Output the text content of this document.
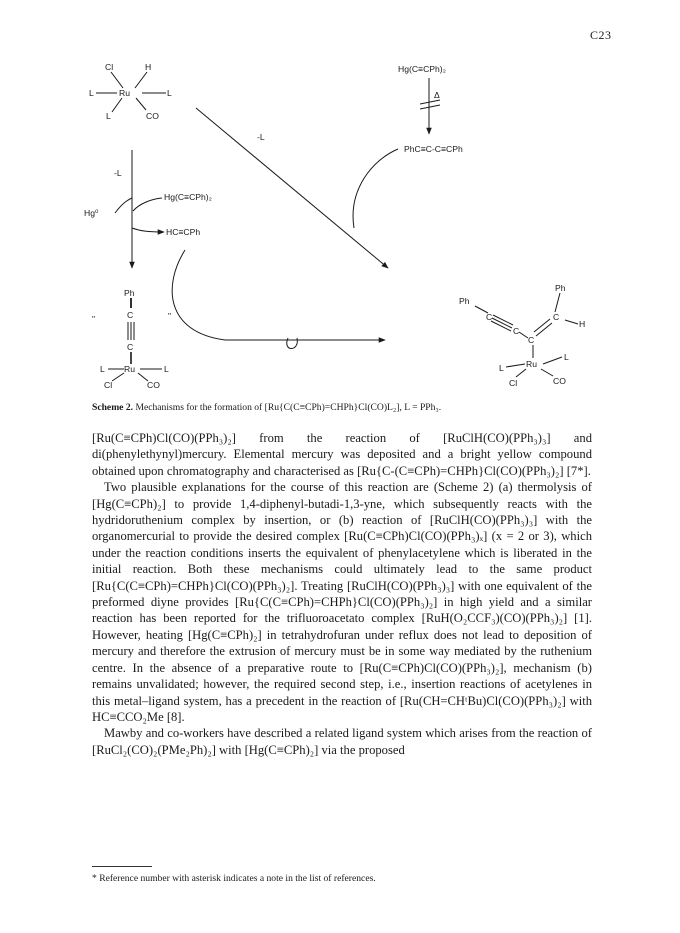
C23
Cl	H
Ru
L	L
L	CO
Hg(C≡CPh)₂
Δ
-L
PhC≡C-C≡CPh
-L
Hg(C≡CPh)₂
Hg⁰
HC≡CPh
Ph
C
C
"	"
Ru
L	L
Cl	CO
Ph
C
C
C
C
Ph
H
Ru
L
L
Cl	CO
Scheme 2. Mechanisms for the formation of [Ru{C(C≡CPh)=CHPh}Cl(CO)L₂], L = PPh₃.

[Ru(C≡CPh)Cl(CO)(PPh₃)₂] from the reaction of [RuClH(CO)(PPh₃)₃] and di(phenylethynyl)mercury. Elemental mercury was deposited and a bright yellow compound obtained upon chromatography and characterised as [Ru{C-(C≡CPh)=CHPh}Cl(CO)(PPh₃)₂] [7*].

Two plausible explanations for the course of this reaction are (Scheme 2) (a) thermolysis of [Hg(C≡CPh)₂] to provide 1,4-diphenyl-butadi-1,3-yne, which subsequently reacts with the hydridoruthenium complex by insertion, or (b) reaction of [RuClH(CO)(PPh₃)₃] with the organomercurial to provide the desired complex [Ru(C≡CPh)Cl(CO)(PPh₃)ₓ] (x = 2 or 3), which under the reaction conditions inserts the equivalent of phenylacetylene which is liberated in the initial reaction. Both these mechanisms could ultimately lead to the same product [Ru{C(C≡CPh)=CHPh}Cl(CO)(PPh₃)₂]. Treating [RuClH(CO)(PPh₃)₃] with one equivalent of the preformed diyne provides [Ru{C(C≡CPh)=CHPh}Cl(CO)(PPh₃)₂] in high yield and a similar reaction has been reported for the trifluoroacetato complex [RuH(O₂CCF₃)(CO)(PPh₃)₂] [1]. However, heating [Hg(C≡CPh)₂] in tetrahydrofuran under reflux does not lead to deposition of mercury and therefore the extrusion of mercury must be in some way mediated by the ruthenium centre. In the absence of a preparative route to [Ru(C≡CPh)Cl(CO)(PPh₃)₂], mechanism (b) remains unvalidated; however, the required second step, i.e., insertion reactions of acetylenes in this metal–ligand system, has a precedent in the reaction of [Ru(CH=CHᵗBu)Cl(CO)(PPh₃)₂] with HC≡CCO₂Me [8].

Mawby and co-workers have described a related ligand system which arises from the reaction of [RuCl₂(CO)₂(PMe₂Ph)₂] with [Hg(C≡CPh)₂] via the proposed

* Reference number with asterisk indicates a note in the list of references.
